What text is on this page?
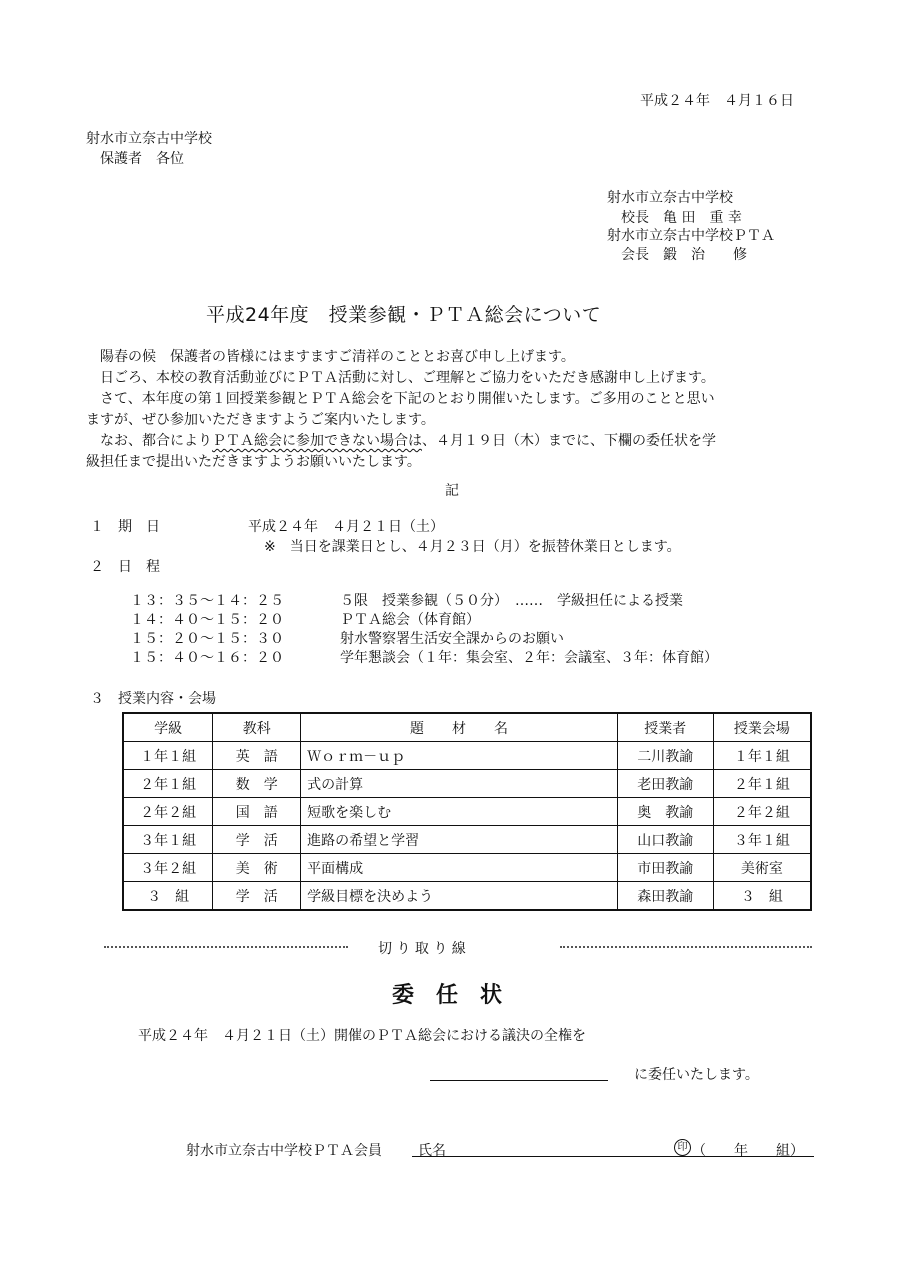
平成２４年　４月１６日
射水市立奈古中学校
保護者　各位
射水市立奈古中学校
校長　亀 田　重 幸
射水市立奈古中学校ＰＴＡ
会長　鍛　治　　修
平成24年度　授業参観・ＰＴＡ総会について

陽春の候　保護者の皆様にはますますご清祥のこととお喜び申し上げます。

日ごろ、本校の教育活動並びにＰＴＡ活動に対し、ご理解とご協力をいただき感謝申し上げます。

さて、本年度の第１回授業参観とＰＴＡ総会を下記のとおり開催いたします。ご多用のことと思い

ますが、ぜひ参加いただきますようご案内いたします。

なお、都合によりＰＴＡ総会に参加できない場合は、４月１９日（木）までに、下欄の委任状を学

級担任まで提出いただきますようお願いいたします。

記
１　期　日	平成２４年　４月２１日（土）
※　当日を課業日とし、４月２３日（月）を振替休業日とします。
２　日　程
１３：３５～１４：２５	５限　授業参観（５０分）　……　学級担任による授業
１４：４０～１５：２０	ＰＴＡ総会（体育館）
１５：２０～１５：３０	射水警察署生活安全課からのお願い
１５：４０～１６：２０	学年懇談会（１年：集会室、２年：会議室、３年：体育館）
３　授業内容・会場
学級	教科	題　　材　　名	授業者	授業会場
１年１組	英　語	Ｗｏｒｍ－ｕｐ	二川教諭	１年１組
２年１組	数　学	式の計算	老田教諭	２年１組
２年２組	国　語	短歌を楽しむ	奥　教諭	２年２組
３年１組	学　活	進路の希望と学習	山口教諭	３年１組
３年２組	美　術	平面構成	市田教諭	美術室
３　組	学　活	学級目標を決めよう	森田教諭	３　組
切 り 取 り 線
委　任　状
平成２４年　４月２１日（土）開催のＰＴＡ総会における議決の全権を
に委任いたします。
射水市立奈古中学校ＰＴＡ会員	氏名	印 （　　年　　組）
